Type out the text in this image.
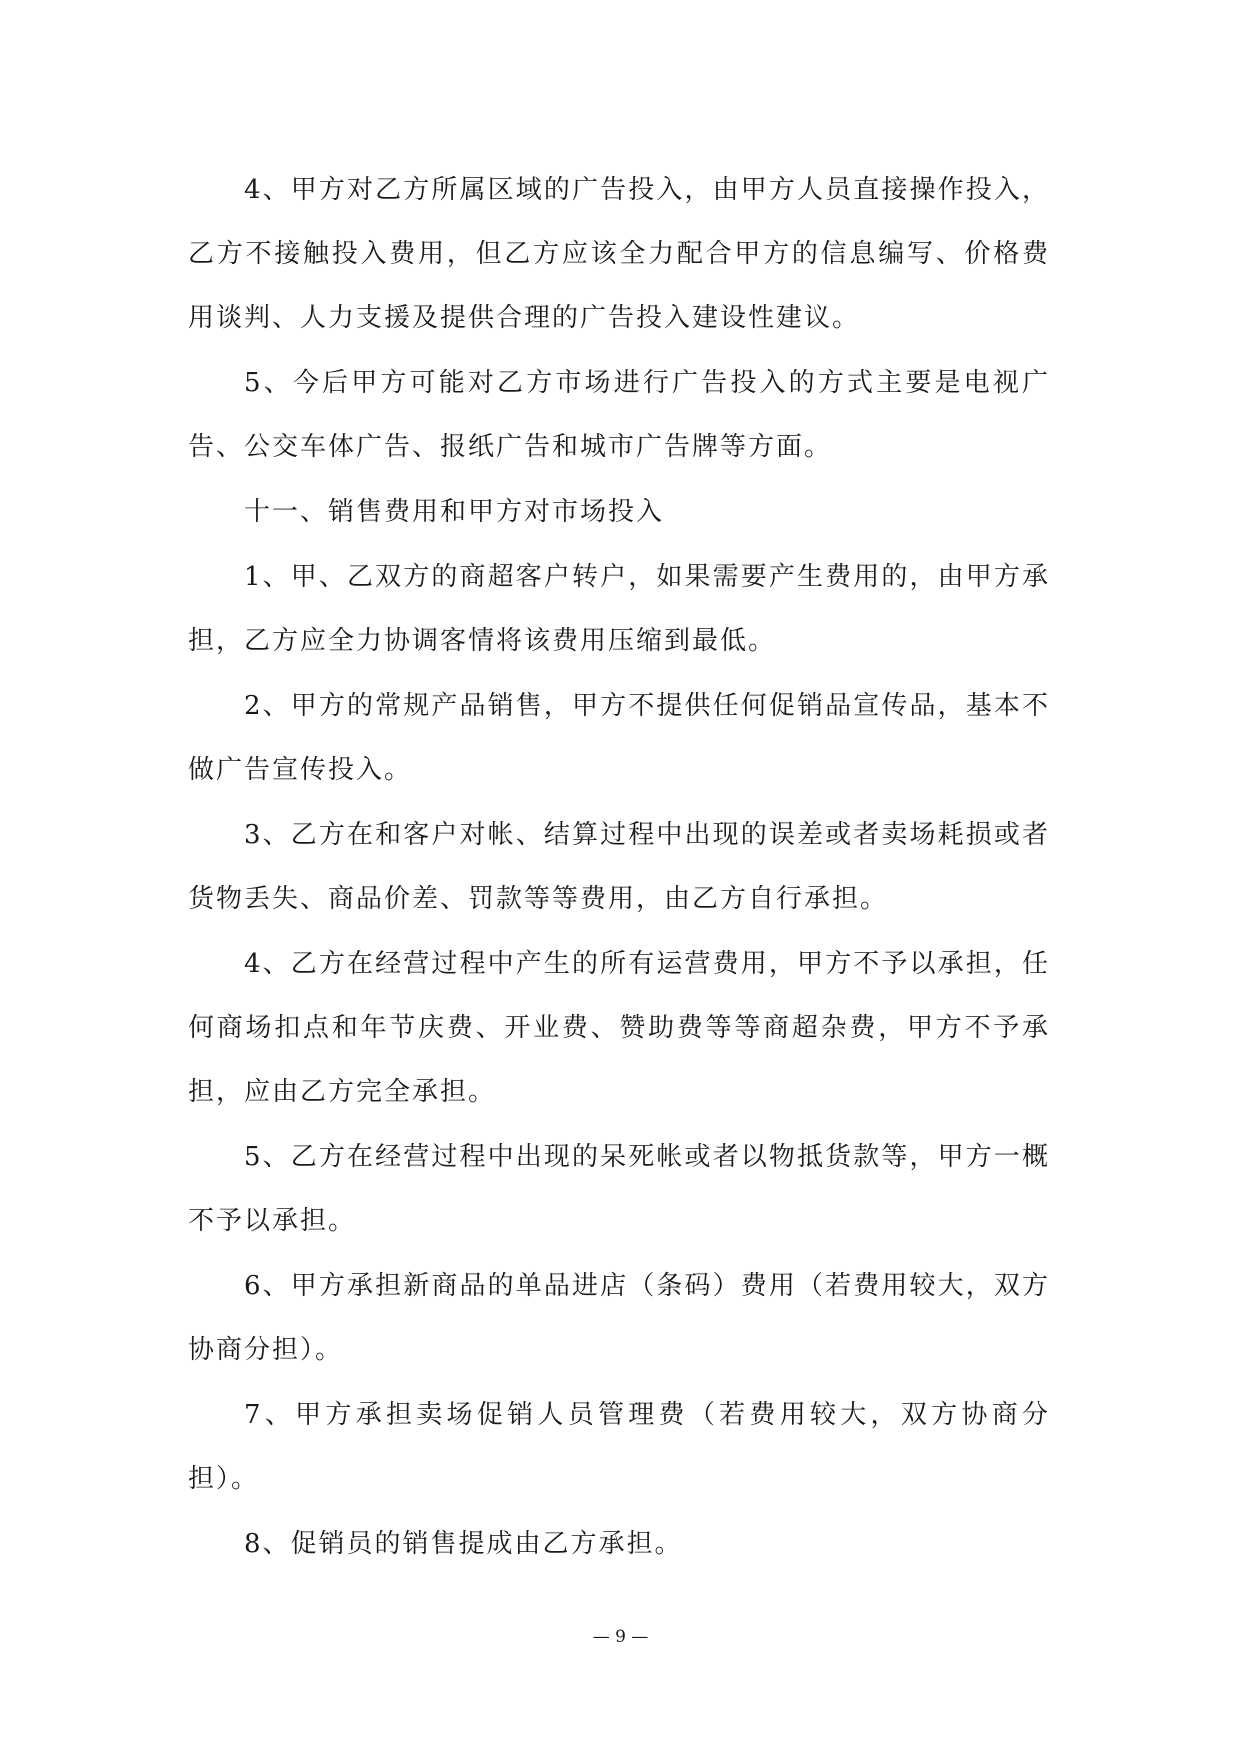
4、甲方对乙方所属区域的广告投入，由甲方人员直接操作投入，乙方不接触投入费用，但乙方应该全力配合甲方的信息编写、价格费用谈判、人力支援及提供合理的广告投入建设性建议。

5、今后甲方可能对乙方市场进行广告投入的方式主要是电视广告、公交车体广告、报纸广告和城市广告牌等方面。

十一、销售费用和甲方对市场投入

1、甲、乙双方的商超客户转户，如果需要产生费用的，由甲方承担，乙方应全力协调客情将该费用压缩到最低。

2、甲方的常规产品销售，甲方不提供任何促销品宣传品，基本不做广告宣传投入。

3、乙方在和客户对帐、结算过程中出现的误差或者卖场耗损或者货物丢失、商品价差、罚款等等费用，由乙方自行承担。

4、乙方在经营过程中产生的所有运营费用，甲方不予以承担，任何商场扣点和年节庆费、开业费、赞助费等等商超杂费，甲方不予承担，应由乙方完全承担。

5、乙方在经营过程中出现的呆死帐或者以物抵货款等，甲方一概不予以承担。

6、甲方承担新商品的单品进店（条码）费用（若费用较大，双方协商分担）。

7、甲方承担卖场促销人员管理费（若费用较大，双方协商分担）。

8、促销员的销售提成由乙方承担。

— 9 —
